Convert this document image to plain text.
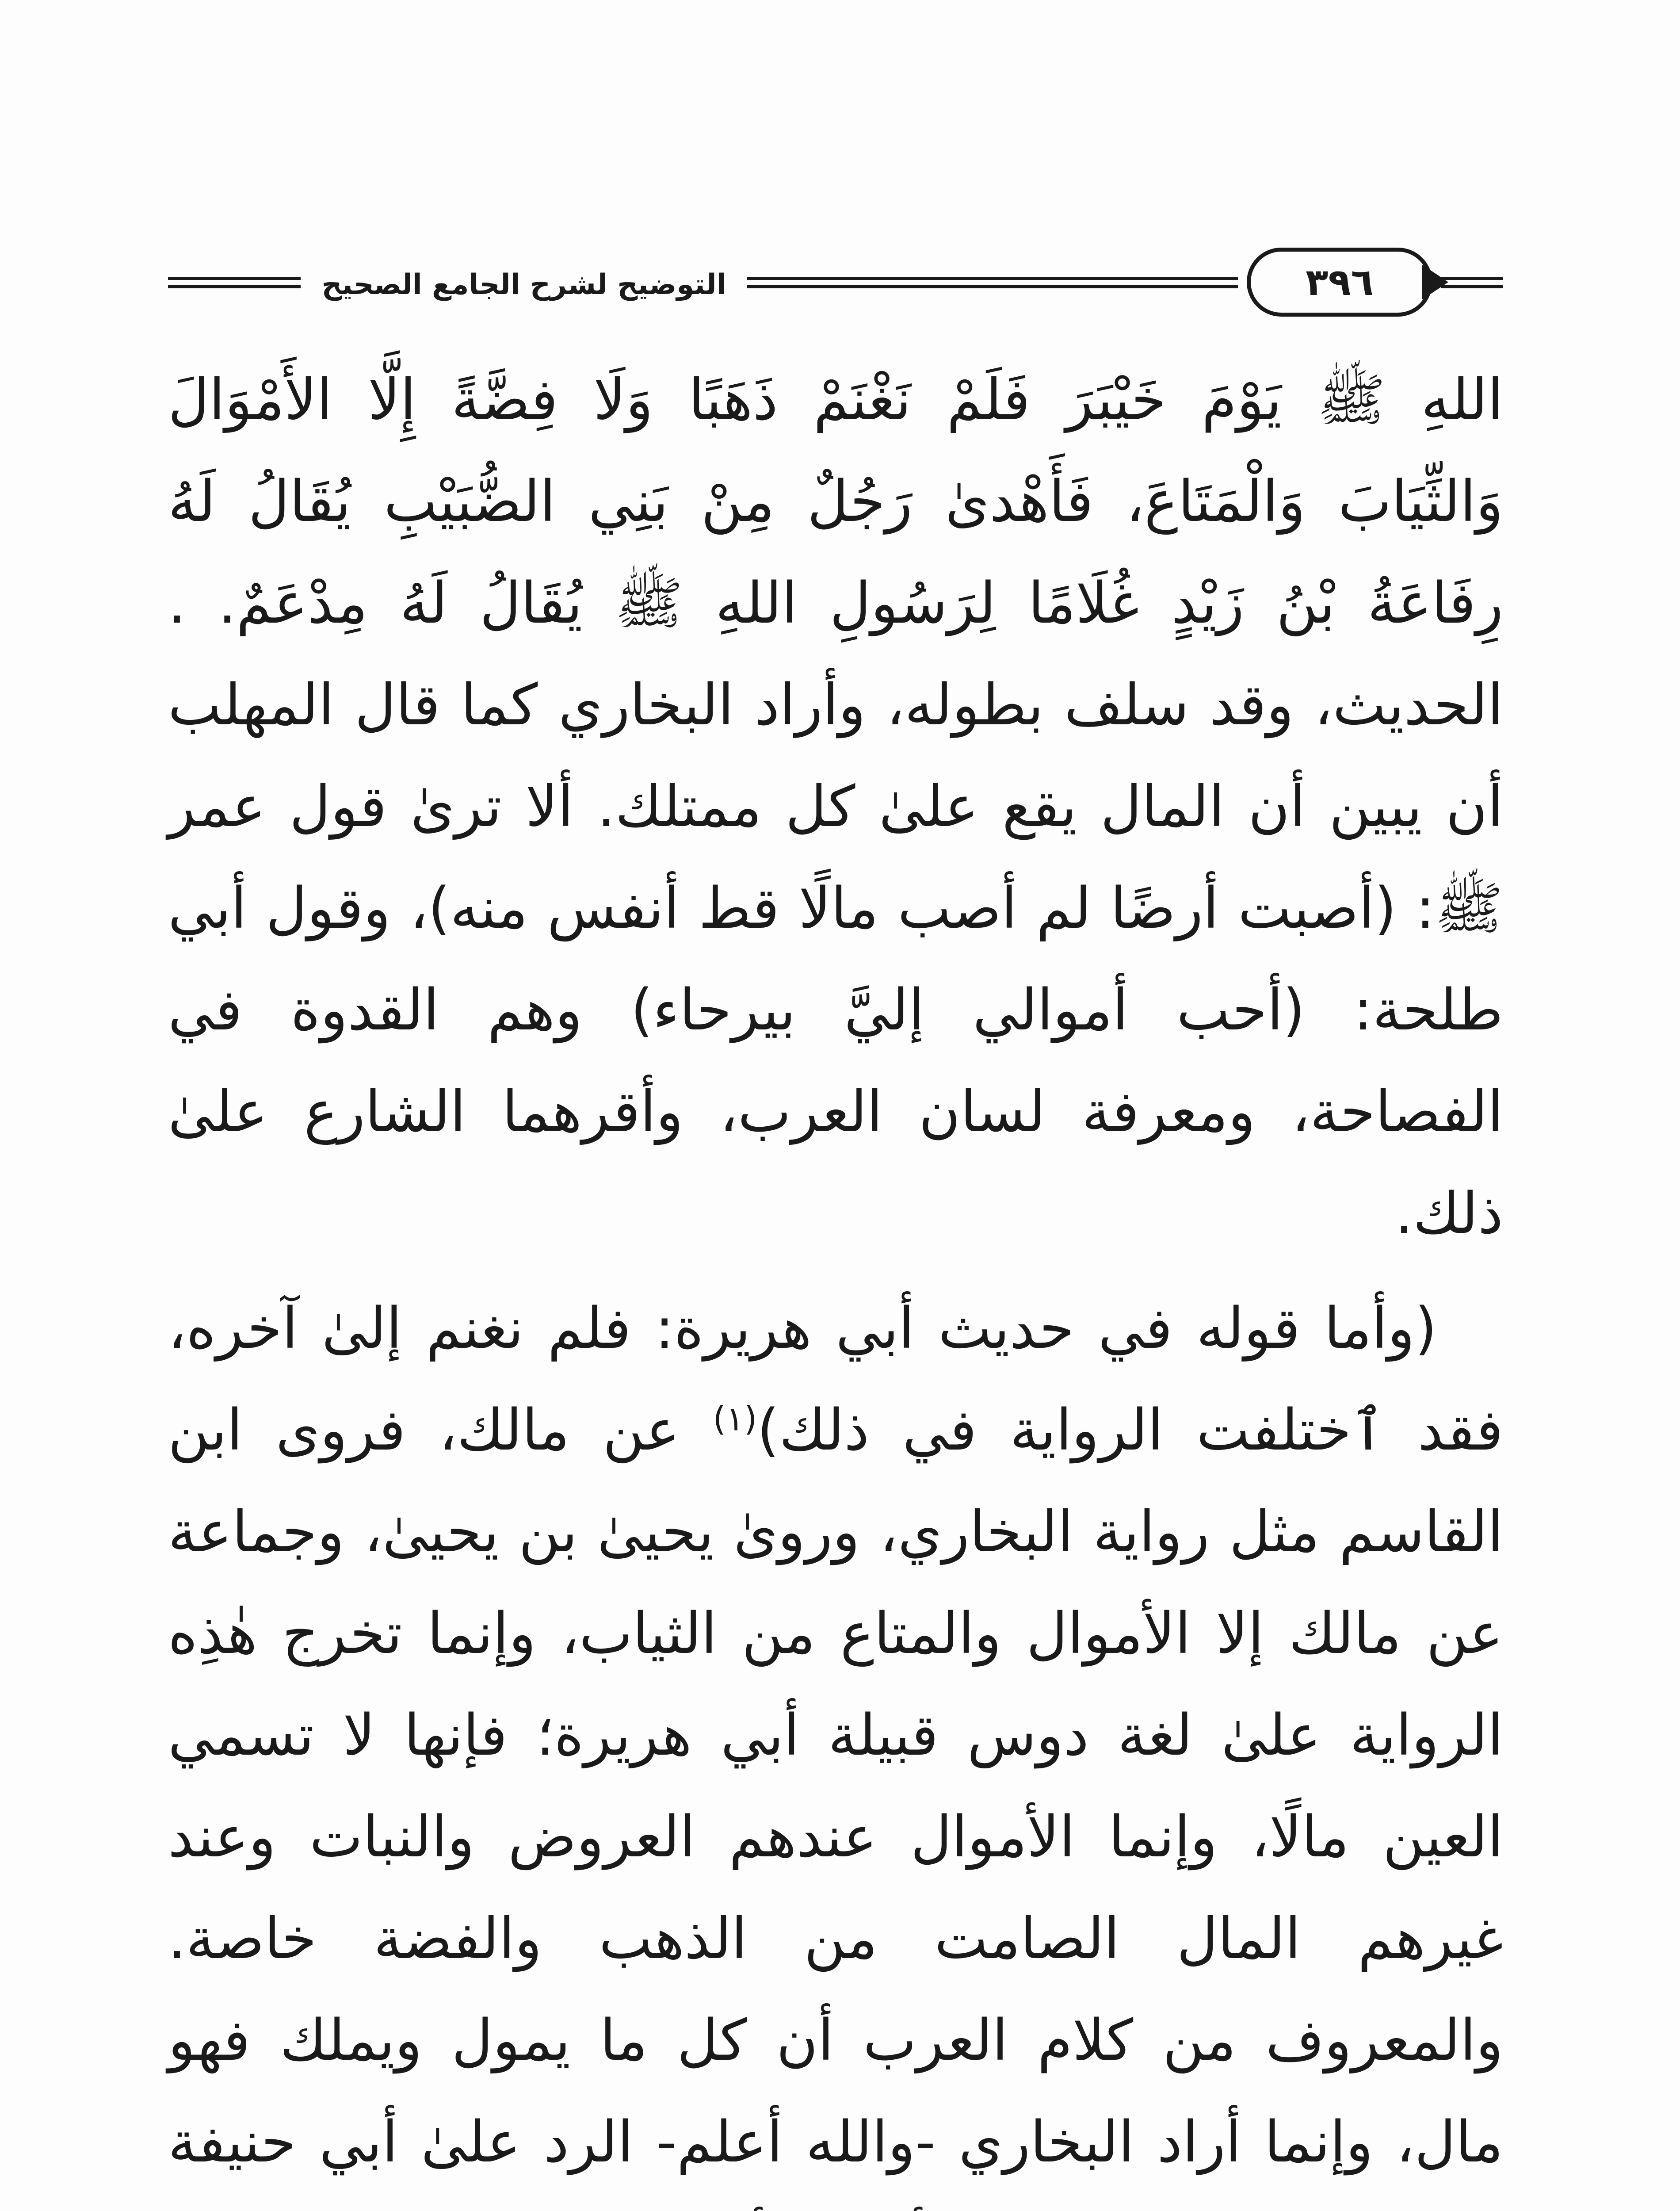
التوضيح لشرح الجامع الصحيح	٣٩٦

اللهِ ﷺ يَوْمَ خَيْبَرَ فَلَمْ نَغْنَمْ ذَهَبًا وَلَا فِضَّةً إِلَّا الأَمْوَالَ وَالثِّيَابَ وَالْمَتَاعَ، فَأَهْدىٰ رَجُلٌ مِنْ بَنِي الضُّبَيْبِ يُقَالُ لَهُ رِفَاعَةُ بْنُ زَيْدٍ غُلَامًا لِرَسُولِ اللهِ ﷺ يُقَالُ لَهُ مِدْعَمٌ. . الحديث، وقد سلف بطوله، وأراد البخاري كما قال المهلب أن يبين أن المال يقع علىٰ كل ممتلك. ألا ترىٰ قول عمر ﷺ: (أصبت أرضًا لم أصب مالًا قط أنفس منه)، وقول أبي طلحة: (أحب أموالي إليَّ بيرحاء) وهم القدوة في الفصاحة، ومعرفة لسان العرب، وأقرهما الشارع علىٰ ذلك.

(وأما قوله في حديث أبي هريرة: فلم نغنم إلىٰ آخره، فقد ٱختلفت الرواية في ذلك)$^{(١)}$ عن مالك، فروى ابن القاسم مثل رواية البخاري، وروىٰ يحيىٰ بن يحيىٰ، وجماعة عن مالك إلا الأموال والمتاع من الثياب، وإنما تخرج هٰذِه الرواية علىٰ لغة دوس قبيلة أبي هريرة؛ فإنها لا تسمي العين مالًا، وإنما الأموال عندهم العروض والنبات وعند غيرهم المال الصامت من الذهب والفضة خاصة. والمعروف من كلام العرب أن كل ما يمول ويملك فهو مال، وإنما أراد البخاري -والله أعلم- الرد علىٰ أبي حنيفة
